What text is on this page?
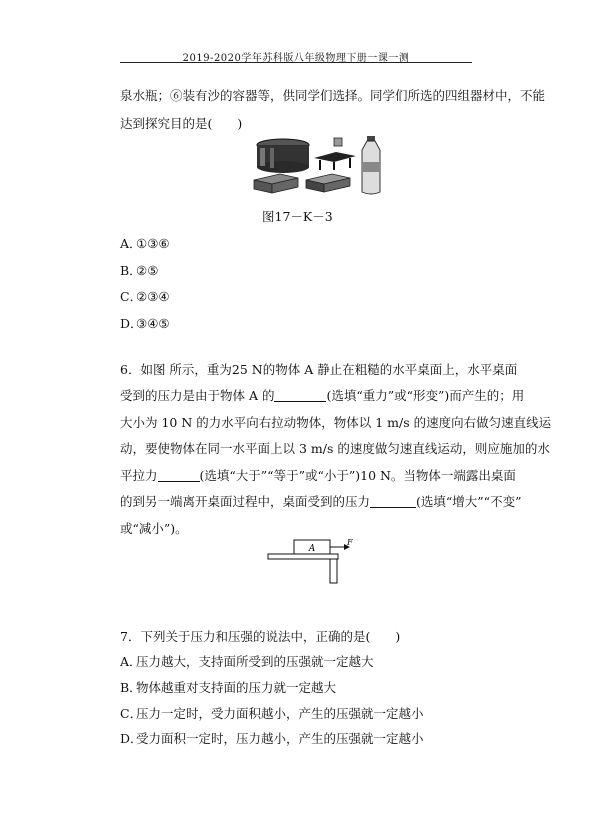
2019-2020学年苏科版八年级物理下册一课一测
泉水瓶；⑥装有沙的容器等，供同学们选择。同学们所选的四组器材中，不能
达到探究目的是(　　)
图17－K－3
A．①③⑥
B．②⑤
C．②③④
D．③④⑤
6．如图 所示，重为25 N的物体 A 静止在粗糙的水平桌面上，水平桌面
受到的压力是由于物体 A 的	(选填“重力”或“形变”)而产生的；用
大小为 10 N 的力水平向右拉动物体，物体以 1 m/s 的速度向右做匀速直线运
动，要使物体在同一水平面上以 3 m/s 的速度做匀速直线运动，则应施加的水
平拉力	(选填“大于”“等于”或“小于”)10 N。当物体一端露出桌面
的到另一端离开桌面过程中，桌面受到的压力	(选填“增大”“不变”
或“减小”)。
A
F
7．下列关于压力和压强的说法中，正确的是(　　)
A．压力越大，支持面所受到的压强就一定越大
B．物体越重对支持面的压力就一定越大
C．压力一定时，受力面积越小，产生的压强就一定越小
D．受力面积一定时，压力越小，产生的压强就一定越小
